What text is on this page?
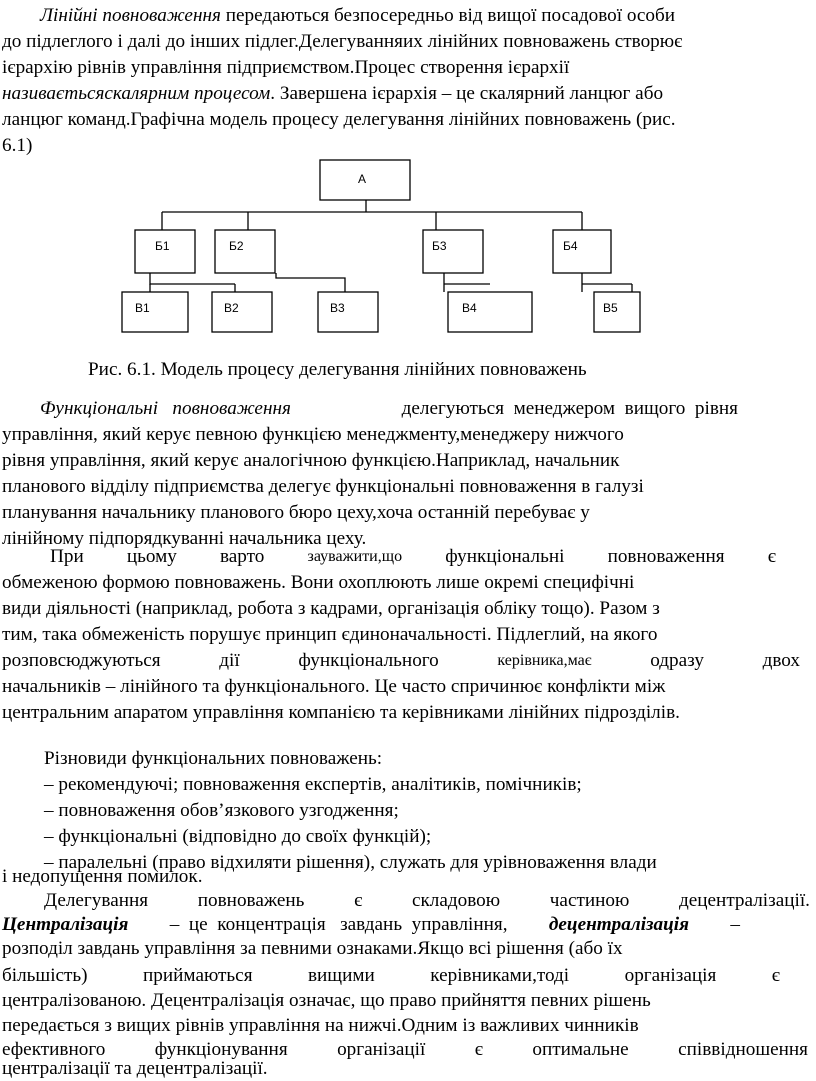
Лінійні повноваження передаються безпосередньо від вищої посадової особи
до підлеглого і далі до інших підлег.Делегуванняих лінійних повноважень створює
ієрархію рівнів управління підприємством.Процес створення ієрархії
називаєтьсяскалярним процесом. Завершена ієрархія – це скалярний ланцюг або
ланцюг команд.Графічна модель процесу делегування лінійних повноважень (рис.
6.1)
A
Б1	Б2	Б3	Б4
В1	В2	В3	В4	В5
Рис. 6.1. Модель процесу делегування лінійних повноважень
Функціональні   повноваження	делегуються  менеджером  вищого  рівня
управління, який керує певною функцією менеджменту,менеджеру нижчого
рівня управління, який керує аналогічною функцією.Наприклад, начальник
планового відділу підприємства делегує функціональні повноваження в галузі
планування начальнику планового бюро цеху,хоча останній перебуває у
лінійному підпорядкуванні начальника цеху.
При цьому варто	зауважити,що функціональні повноваження є
обмеженою формою повноважень. Вони охоплюють лише окремі специфічні
види діяльності (наприклад, робота з кадрами, організація обліку тощо). Разом з
тим, така обмеженість порушує принцип єдиноначальності. Підлеглий, на якого
розповсюджуються	дії	функціонального	керівника,має	одразу	двох
начальників – лінійного та функціонального. Це часто спричинює конфлікти між
центральним апаратом управління компанією та керівниками лінійних підрозділів.
Різновиди функціональних повноважень:
– рекомендуючі; повноваження експертів, аналітиків, помічників;
– повноваження обов’язкового узгодження;
– функціональні (відповідно до своїх функцій);
– паралельні (право відхиляти рішення), служать для урівноваження влади
і недопущення помилок.
Делегування	повноважень	є	складовою	частиною	децентралізації.
Централізація –  це  концентрація   завдань  управління, децентралізація –
розподіл завдань управління за певними ознаками.Якщо всі рішення (або їх
більшість)	приймаються	вищими	керівниками,тоді	організація	є
централізованою. Децентралізація означає, що право прийняття певних рішень
передається з вищих рівнів управління на нижчі.Одним із важливих чинників
ефективного	функціонування	організації	є	оптимальне	співвідношення
централізації та децентралізації.
